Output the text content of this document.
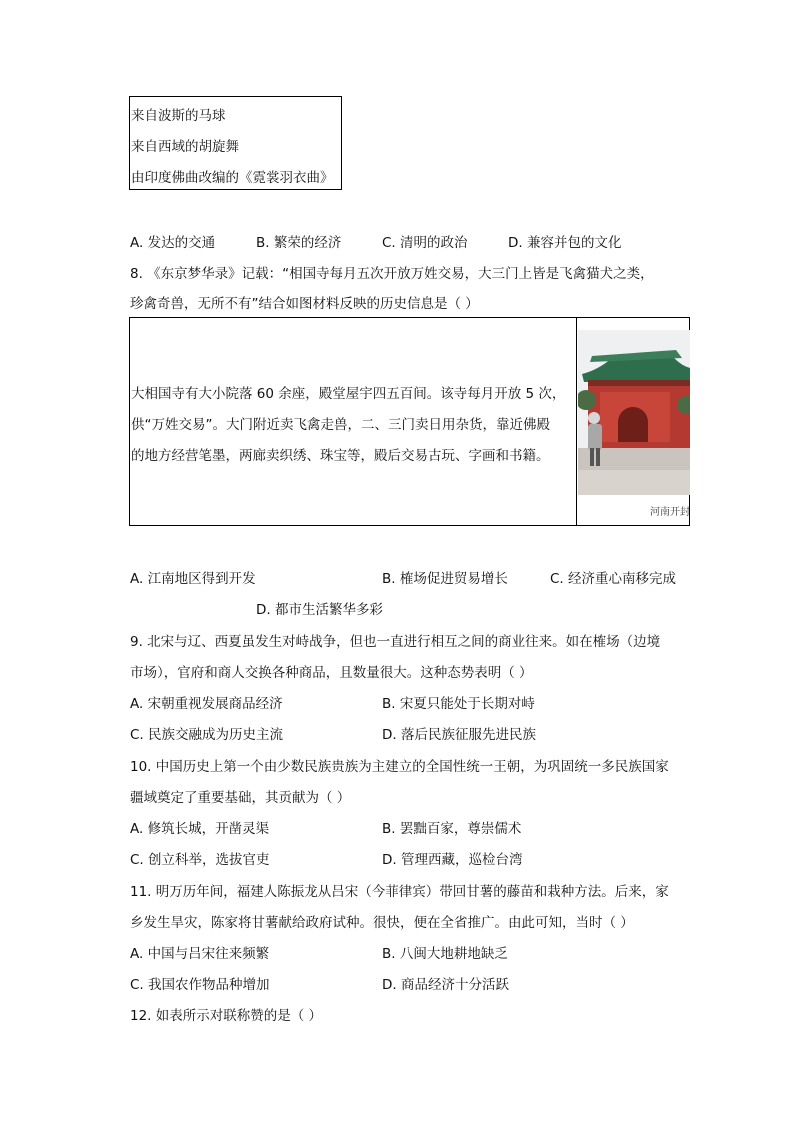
来自波斯的马球
来自西域的胡旋舞
由印度佛曲改编的《霓裳羽衣曲》
A. 发达的交通	B. 繁荣的经济	C. 清明的政治	D. 兼容并包的文化
8. 《东京梦华录》记载：“相国寺每月五次开放万姓交易，大三门上皆是飞禽猫犬之类，
珍禽奇兽，无所不有”结合如图材料反映的历史信息是（ ）
大相国寺有大小院落 60 余座，殿堂屋宇四五百间。该寺每月开放 5 次，
供“万姓交易”。大门附近卖飞禽走兽，二、三门卖日用杂货，靠近佛殿
的地方经营笔墨，两廊卖织绣、珠宝等，殿后交易古玩、字画和书籍。
河南开封
A. 江南地区得到开发	B. 榷场促进贸易增长	C. 经济重心南移完成
D. 都市生活繁华多彩
9. 北宋与辽、西夏虽发生对峙战争，但也一直进行相互之间的商业往来。如在榷场（边境
市场），官府和商人交换各种商品，且数量很大。这种态势表明（ ）
A. 宋朝重视发展商品经济	B. 宋夏只能处于长期对峙
C. 民族交融成为历史主流	D. 落后民族征服先进民族
10. 中国历史上第一个由少数民族贵族为主建立的全国性统一王朝，为巩固统一多民族国家
疆域奠定了重要基础，其贡献为（ ）
A. 修筑长城，开凿灵渠	B. 罢黜百家，尊崇儒术
C. 创立科举，选拔官吏	D. 管理西藏，巡检台湾
11. 明万历年间，福建人陈振龙从吕宋（今菲律宾）带回甘薯的藤苗和栽种方法。后来，家
乡发生旱灾，陈家将甘薯献给政府试种。很快，便在全省推广。由此可知，当时（ ）
A. 中国与吕宋往来频繁	B. 八闽大地耕地缺乏
C. 我国农作物品种增加	D. 商品经济十分活跃
12. 如表所示对联称赞的是（ ）
